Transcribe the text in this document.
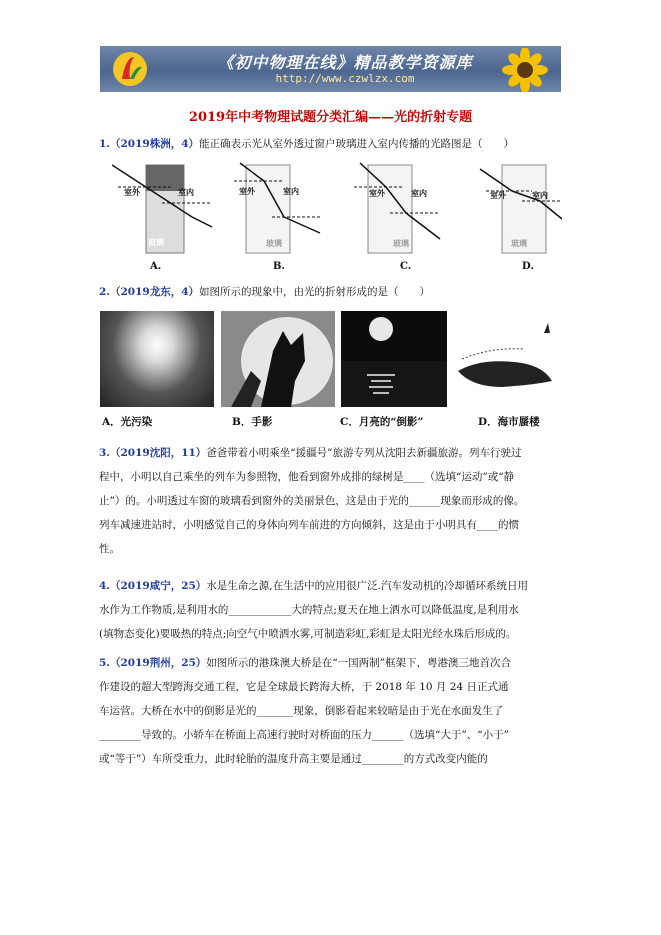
《初中物理在线》精品教学资源库
http://www.czwlzx.com
2019年中考物理试题分类汇编——光的折射专题
1.（2019株洲，4）能正确表示光从室外透过窗户玻璃进入室内传播的光路图是（　　）
室外	室内
玻璃
室外	室内
玻璃
室外	室内
玻璃
室外	室内
玻璃
A.	B.	C.	D.
2.（2019龙东，4）如图所示的现象中，由光的折射形成的是（　　）
A．光污染	B．手影	C．月亮的“倒影”	D．海市蜃楼
3.（2019沈阳，11）爸爸带着小明乘坐“援疆号”旅游专列从沈阳去新疆旅游。列车行驶过
程中，小明以自己乘坐的列车为参照物，他看到窗外成排的绿树是____（选填“运动”或“静
止”）的。小明透过车窗的玻璃看到窗外的美丽景色，这是由于光的______现象而形成的像。
列车减速进站时，小明感觉自己的身体向列车前进的方向倾斜，这是由于小明具有____的惯
性。
4.（2019咸宁，25）水是生命之源,在生活中的应用很广泛.汽车发动机的冷却循环系统日用
水作为工作物质,是利用水的____________大的特点;夏天在地上洒水可以降低温度,是利用水
(填物态变化)要吸热的特点;向空气中喷洒水雾,可制造彩虹,彩虹是太阳光经水珠后形成的。
5.（2019荆州，25）如图所示的港珠澳大桥是在“一国两制”框架下，粤港澳三地首次合
作建设的超大型跨海交通工程，它是全球最长跨海大桥，于 2018 年 10 月 24 日正式通
车运营。大桥在水中的倒影是光的_______现象，倒影看起来较暗是由于光在水面发生了
________导致的。小轿车在桥面上高速行驶时对桥面的压力______（选填“大于”、“小于”
或“等于”）车所受重力，此时轮胎的温度升高主要是通过________的方式改变内能的
